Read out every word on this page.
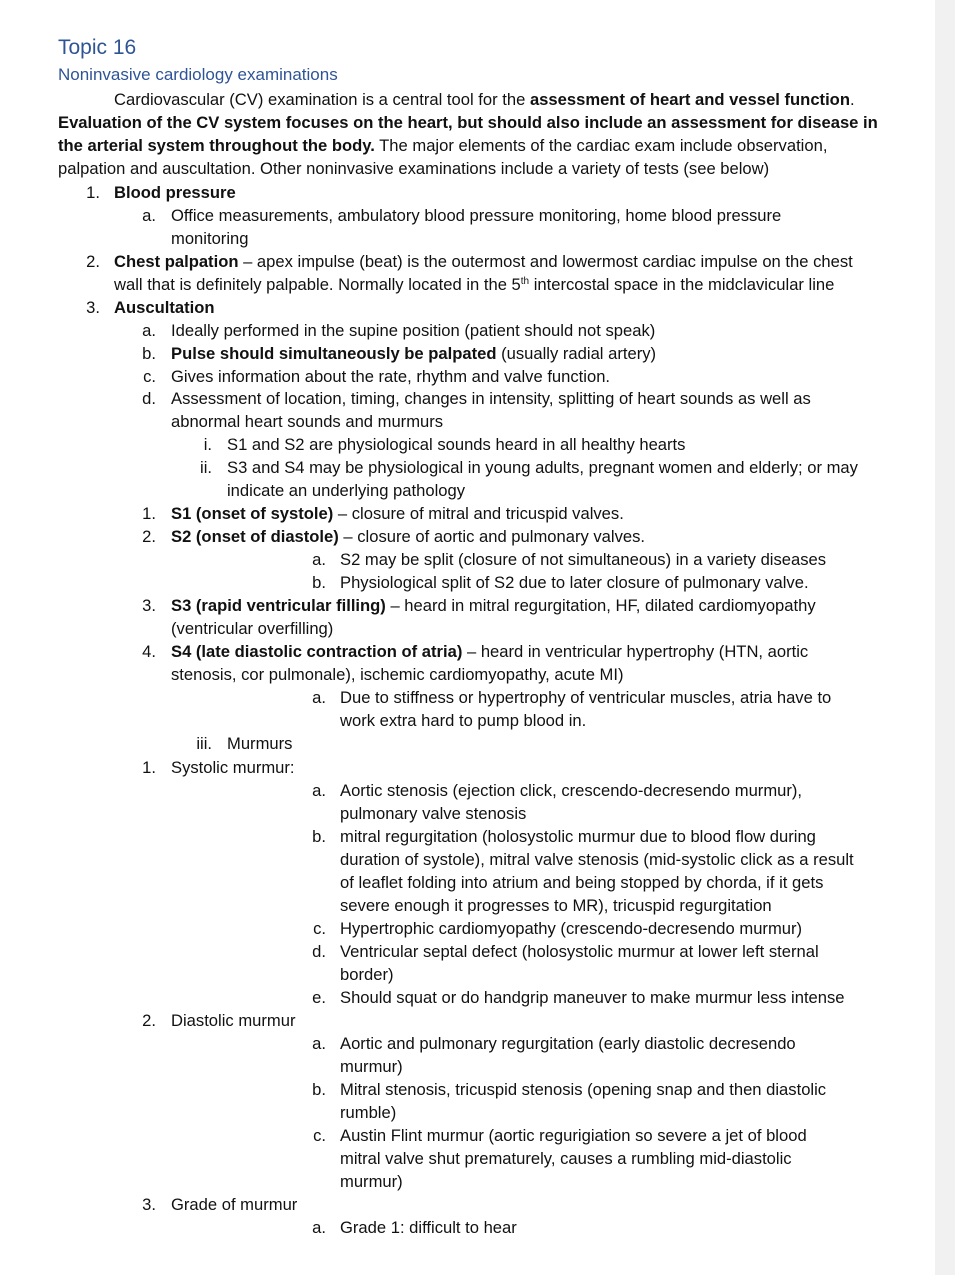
Topic 16
Noninvasive cardiology examinations
Cardiovascular (CV) examination is a central tool for the assessment of heart and vessel function.
Evaluation of the CV system focuses on the heart, but should also include an assessment for disease in
the arterial system throughout the body. The major elements of the cardiac exam include observation,
palpation and auscultation. Other noninvasive examinations include a variety of tests (see below)
1. Blood pressure
a. Office measurements, ambulatory blood pressure monitoring, home blood pressure
monitoring
2. Chest palpation – apex impulse (beat) is the outermost and lowermost cardiac impulse on the chest
wall that is definitely palpable. Normally located in the 5th intercostal space in the midclavicular line
3. Auscultation
a. Ideally performed in the supine position (patient should not speak)
b. Pulse should simultaneously be palpated (usually radial artery)
c. Gives information about the rate, rhythm and valve function.
d. Assessment of location, timing, changes in intensity, splitting of heart sounds as well as
abnormal heart sounds and murmurs
i. S1 and S2 are physiological sounds heard in all healthy hearts
ii. S3 and S4 may be physiological in young adults, pregnant women and elderly; or may
indicate an underlying pathology
1. S1 (onset of systole) – closure of mitral and tricuspid valves.
2. S2 (onset of diastole) – closure of aortic and pulmonary valves.
a. S2 may be split (closure of not simultaneous) in a variety diseases
b. Physiological split of S2 due to later closure of pulmonary valve.
3. S3 (rapid ventricular filling) – heard in mitral regurgitation, HF, dilated cardiomyopathy
(ventricular overfilling)
4. S4 (late diastolic contraction of atria) – heard in ventricular hypertrophy (HTN, aortic
stenosis, cor pulmonale), ischemic cardiomyopathy, acute MI)
a. Due to stiffness or hypertrophy of ventricular muscles, atria have to
work extra hard to pump blood in.
iii. Murmurs
1. Systolic murmur:
a. Aortic stenosis (ejection click, crescendo-decresendo murmur),
pulmonary valve stenosis
b. mitral regurgitation (holosystolic murmur due to blood flow during
duration of systole), mitral valve stenosis (mid-systolic click as a result
of leaflet folding into atrium and being stopped by chorda, if it gets
severe enough it progresses to MR), tricuspid regurgitation
c. Hypertrophic cardiomyopathy (crescendo-decresendo murmur)
d. Ventricular septal defect (holosystolic murmur at lower left sternal
border)
e. Should squat or do handgrip maneuver to make murmur less intense
2. Diastolic murmur
a. Aortic and pulmonary regurgitation (early diastolic decresendo
murmur)
b. Mitral stenosis, tricuspid stenosis (opening snap and then diastolic
rumble)
c. Austin Flint murmur (aortic regurigiation so severe a jet of blood
mitral valve shut prematurely, causes a rumbling mid-diastolic
murmur)
3. Grade of murmur
a. Grade 1: difficult to hear
